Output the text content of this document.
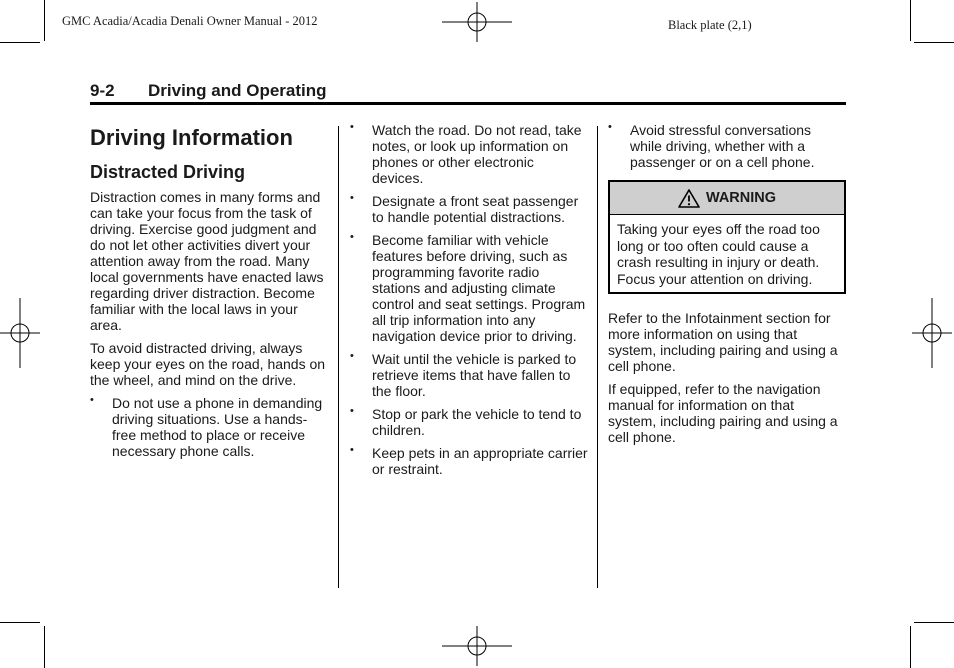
GMC Acadia/Acadia Denali Owner Manual - 2012	Black plate (2,1)
9-2 Driving and Operating
Driving Information
Distracted Driving

Distraction comes in many forms and can take your focus from the task of driving. Exercise good judgment and do not let other activities divert your attention away from the road. Many local governments have enacted laws regarding driver distraction. Become familiar with the local laws in your area.

To avoid distracted driving, always keep your eyes on the road, hands on the wheel, and mind on the drive.

• Do not use a phone in demanding driving situations. Use a hands-free method to place or receive necessary phone calls.
• Watch the road. Do not read, take notes, or look up information on phones or other electronic devices.
• Designate a front seat passenger to handle potential distractions.
• Become familiar with vehicle features before driving, such as programming favorite radio stations and adjusting climate control and seat settings. Program all trip information into any navigation device prior to driving.
• Wait until the vehicle is parked to retrieve items that have fallen to the floor.
• Stop or park the vehicle to tend to children.
• Keep pets in an appropriate carrier or restraint.
• Avoid stressful conversations while driving, whether with a passenger or on a cell phone.
WARNING
Taking your eyes off the road too long or too often could cause a crash resulting in injury or death. Focus your attention on driving.

Refer to the Infotainment section for more information on using that system, including pairing and using a cell phone.

If equipped, refer to the navigation manual for information on that system, including pairing and using a cell phone.
